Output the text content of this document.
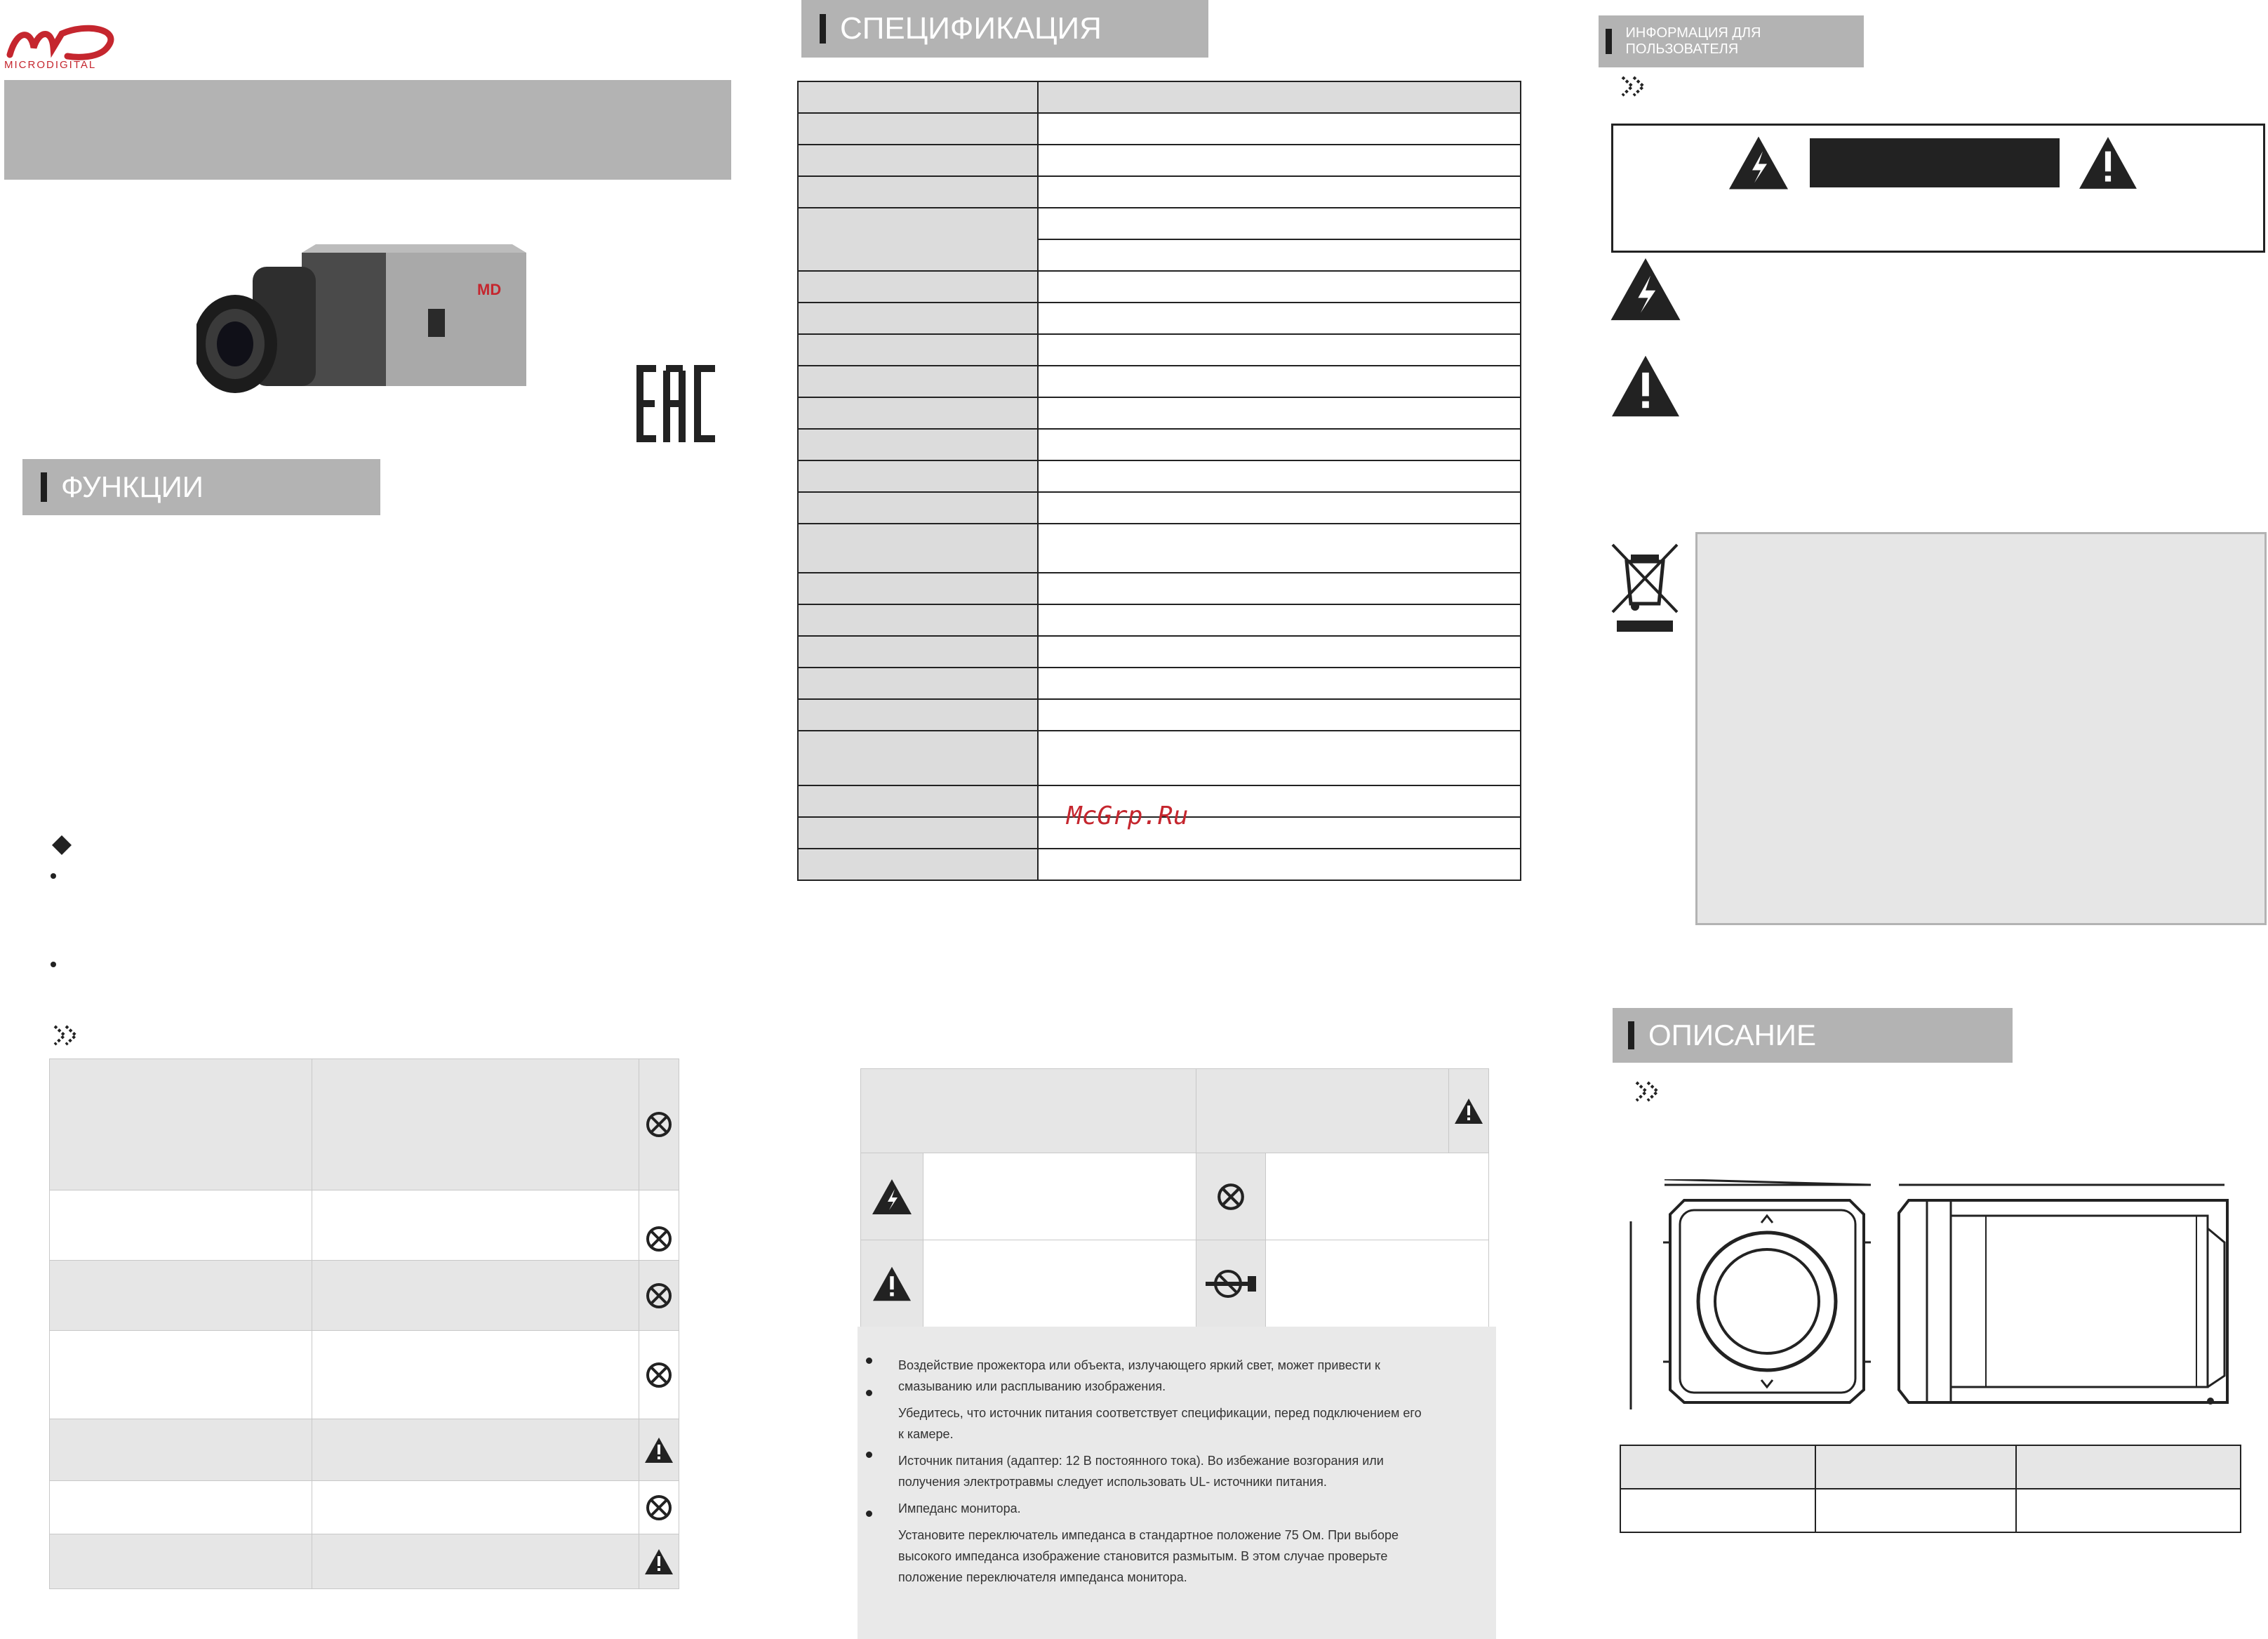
MICRODIGITAL
MD
ФУНКЦИИ

СПЕЦИФИКАЦИЯ

McGrp.Ru

Воздействие прожектора или объекта, излучающего яркий свет, может привести к

смазыванию или расплыванию изображения.

Убедитесь, что источник питания соответствует спецификации, перед подключением его

к камере.

Источник питания (адаптер: 12 В постоянного тока). Во избежание возгорания или

получения электротравмы следует использовать UL- источники питания.

Импеданс монитора.

Установите переключатель импеданса в стандартное положение 75 Ом. При выборе

высокого импеданса изображение становится размытым. В этом случае проверьте

положение переключателя импеданса монитора.

ИНФОРМАЦИЯ ДЛЯ ПОЛЬЗОВАТЕЛЯ
ОПИСАНИЕ
